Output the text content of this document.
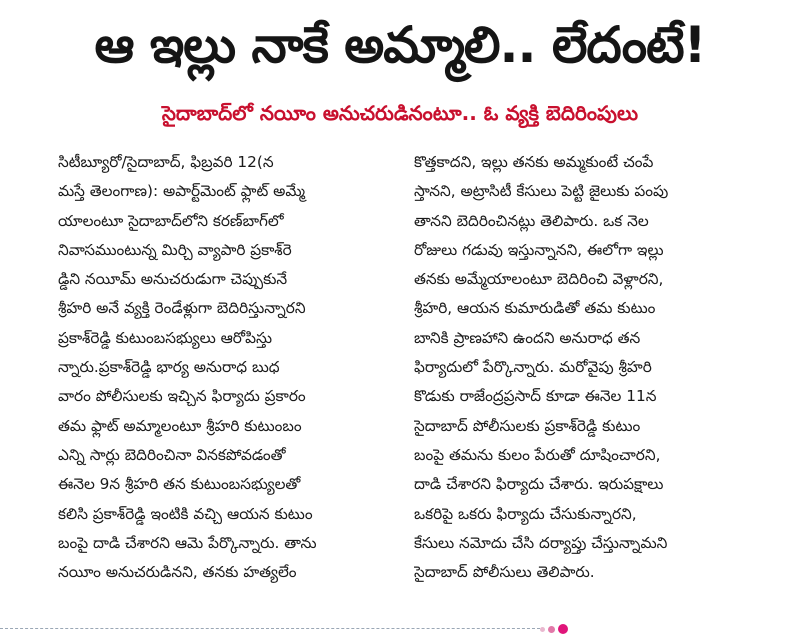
ఆ ఇల్లు నాకే అమ్మాలి.. లేదంటే!
సైదాబాద్‌లో నయీం అనుచరుడినంటూ.. ఓ వ్యక్తి బెదిరింపులు
సిటీబ్యూరో/సైదాబాద్, ఫిబ్రవరి 12(న
మస్తే తెలంగాణ): అపార్ట్‌మెంట్ ఫ్లాట్ అమ్మే
యాలంటూ సైదాబాద్‌లోని కరణ్‌బాగ్‌లో
నివాసముంటున్న మిర్చి వ్యాపారి ప్రకాశ్‌రె
డ్డిని నయీమ్ అనుచరుడుగా చెప్పుకునే
శ్రీహరి అనే వ్యక్తి రెండేళ్లుగా బెదిరిస్తున్నారని
ప్రకాశ్‌రెడ్డి కుటుంబసభ్యులు ఆరోపిస్తు
న్నారు.ప్రకాశ్‌రెడ్డి భార్య అనురాధ బుధ
వారం పోలీసులకు ఇచ్చిన ఫిర్యాదు ప్రకారం
తమ ఫ్లాట్ అమ్మాలంటూ శ్రీహరి కుటుంబం
ఎన్ని సార్లు బెదిరించినా వినకపోవడంతో
ఈనెల 9న శ్రీహరి తన కుటుంబసభ్యులతో
కలిసి ప్రకాశ్‌రెడ్డి ఇంటికి వచ్చి ఆయన కుటుం
బంపై దాడి చేశారని ఆమె పేర్కొన్నారు. తాను
నయీం అనుచరుడినని, తనకు హత్యలేం
కొత్తకాదని, ఇల్లు తనకు అమ్మకుంటే చంపే
స్తానని, అట్రాసిటీ కేసులు పెట్టి జైలుకు పంపు
తానని బెదిరించినట్లు తెలిపారు. ఒక నెల
రోజులు గడువు ఇస్తున్నానని, ఈలోగా ఇల్లు
తనకు అమ్మేయాలంటూ బెదిరించి వెళ్లారని,
శ్రీహరి, ఆయన కుమారుడితో తమ కుటుం
బానికి ప్రాణహాని ఉందని అనురాధ తన
ఫిర్యాదులో పేర్కొన్నారు. మరోవైపు శ్రీహరి
కొడుకు రాజేంద్రప్రసాద్ కూడా ఈనెల 11న
సైదాబాద్ పోలీసులకు ప్రకాశ్‌రెడ్డి కుటుం
బంపై తమను కులం పేరుతో దూషించారని,
దాడి చేశారని ఫిర్యాదు చేశారు. ఇరుపక్షాలు
ఒకరిపై ఒకరు ఫిర్యాదు చేసుకున్నారని,
కేసులు నమోదు చేసి దర్యాప్తు చేస్తున్నామని
సైదాబాద్ పోలీసులు తెలిపారు.
